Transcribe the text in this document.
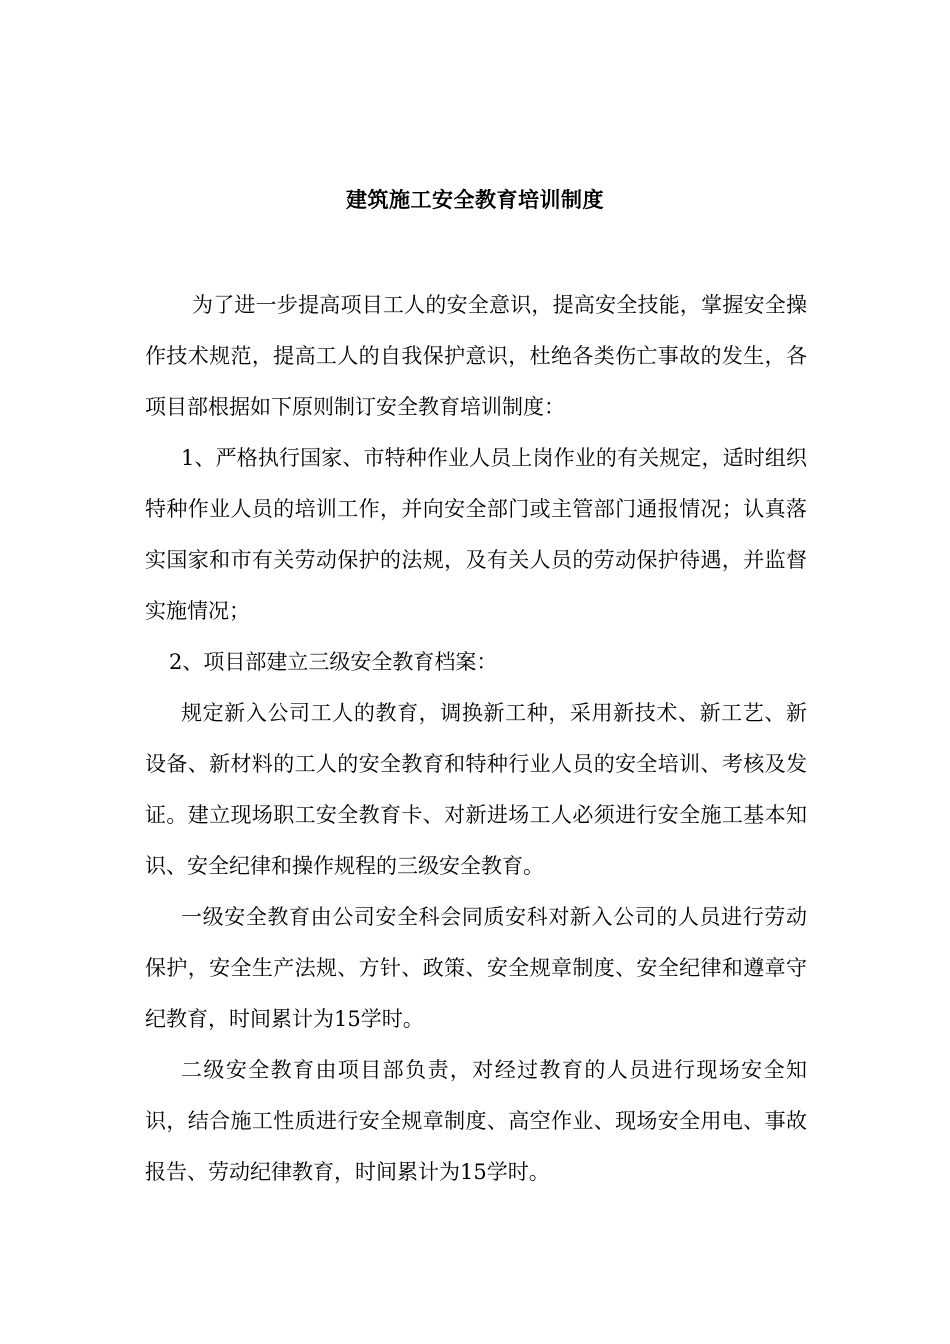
建筑施工安全教育培训制度

为了进一步提高项目工人的安全意识，提高安全技能，掌握安全操作技术规范，提高工人的自我保护意识，杜绝各类伤亡事故的发生，各项目部根据如下原则制订安全教育培训制度：

1、严格执行国家、市特种作业人员上岗作业的有关规定，适时组织特种作业人员的培训工作，并向安全部门或主管部门通报情况；认真落实国家和市有关劳动保护的法规，及有关人员的劳动保护待遇，并监督实施情况；

2、项目部建立三级安全教育档案：

规定新入公司工人的教育，调换新工种，采用新技术、新工艺、新设备、新材料的工人的安全教育和特种行业人员的安全培训、考核及发证。建立现场职工安全教育卡、对新进场工人必须进行安全施工基本知识、安全纪律和操作规程的三级安全教育。

一级安全教育由公司安全科会同质安科对新入公司的人员进行劳动保护，安全生产法规、方针、政策、安全规章制度、安全纪律和遵章守纪教育，时间累计为15学时。

二级安全教育由项目部负责，对经过教育的人员进行现场安全知识，结合施工性质进行安全规章制度、高空作业、现场安全用电、事故报告、劳动纪律教育，时间累计为15学时。
